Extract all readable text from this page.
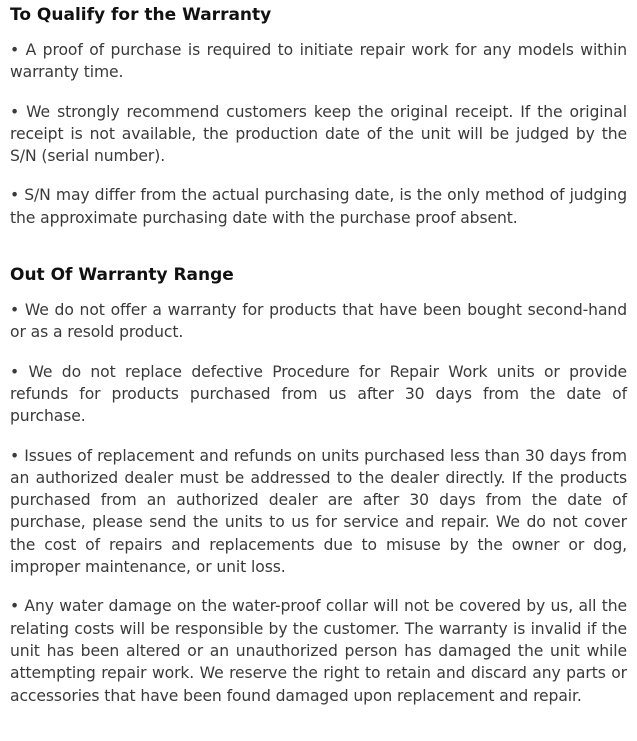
To Qualify for the Warranty

• A proof of purchase is required to initiate repair work for any models within warranty time.

• We strongly recommend customers keep the original receipt. If the original receipt is not available, the production date of the unit will be judged by the S/N (serial number).

• S/N may differ from the actual purchasing date, is the only method of judging the approximate purchasing date with the purchase proof absent.

Out Of Warranty Range

• We do not offer a warranty for products that have been bought second-hand or as a resold product.

• We do not replace defective Procedure for Repair Work units or provide refunds for products purchased from us after 30 days from the date of purchase.

• Issues of replacement and refunds on units purchased less than 30 days from an authorized dealer must be addressed to the dealer directly. If the products purchased from an authorized dealer are after 30 days from the date of purchase, please send the units to us for service and repair. We do not cover the cost of repairs and replacements due to misuse by the owner or dog, improper maintenance, or unit loss.

• Any water damage on the water-proof collar will not be covered by us, all the relating costs will be responsible by the customer. The warranty is invalid if the unit has been altered or an unauthorized person has damaged the unit while attempting repair work. We reserve the right to retain and discard any parts or accessories that have been found damaged upon replacement and repair.
